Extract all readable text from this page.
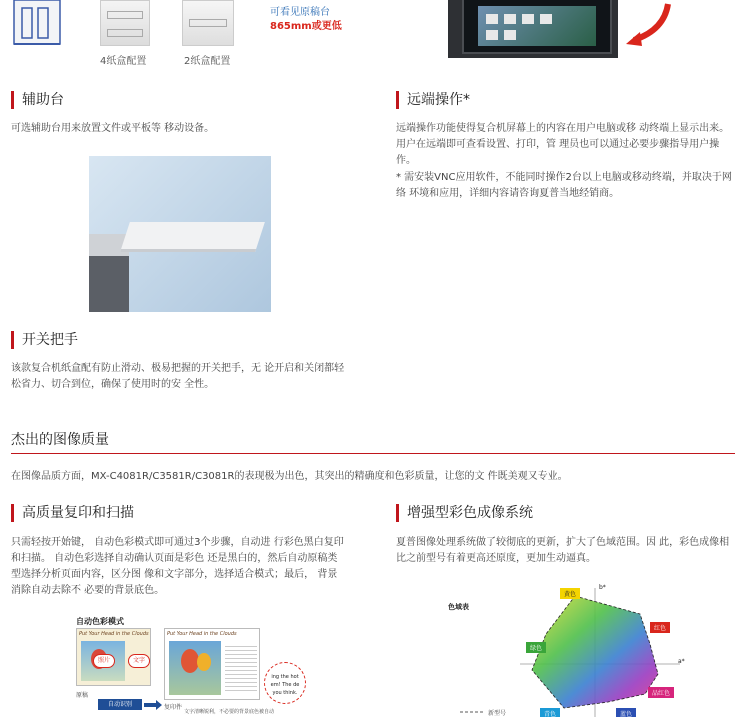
4纸盒配置	2纸盒配置
可看见原稿台
865mm或更低
辅助台
可选辅助台用来放置文件或平板等 移动设备。
远端操作*
远端操作功能使得复合机屏幕上的内容在用户电脑或移 动终端上显示出来。用户在远端即可查看设置、打印，管 理员也可以通过必要步骤指导用户操作。
* 需安装VNC应用软件，不能同时操作2台以上电脑或移动终端，并取决于网络 环境和应用，详细内容请咨询夏普当地经销商。
开关把手
该款复合机纸盒配有防止滑动、极易把握的开关把手，无 论开启和关闭都轻松省力、切合到位，确保了使用时的安 全性。
杰出的图像质量
在图像品质方面，MX-C4081R/C3581R/C3081R的表现极为出色，其突出的精确度和色彩质量，让您的文 件既美观又专业。
高质量复印和扫描
只需轻按开始键， 自动色彩模式即可通过3个步骤，自动进 行彩色黑白复印和扫描。 自动色彩选择自动确认页面是彩色 还是黑白的，然后自动原稿类型选择分析页面内容，区分图 像和文字部分，选择适合模式；最后， 背景消除自动去除不 必要的背景底色。
自动色彩模式
Put Your Head in the Clouds
照片	文字
原稿
自动识别
Put Your Head in the Clouds
ing the hot
em! The de
you think.
复印件
文字清晰锐利，不必要的背景底色被自动
增强型彩色成像系统
夏普图像处理系统做了较彻底的更新，扩大了色域范围。因 此，彩色成像相比之前型号有着更高还原度，更加生动逼真。
色域表
b*
a*
黄色
红色
绿色
品红色
青色	蓝色
新型号
